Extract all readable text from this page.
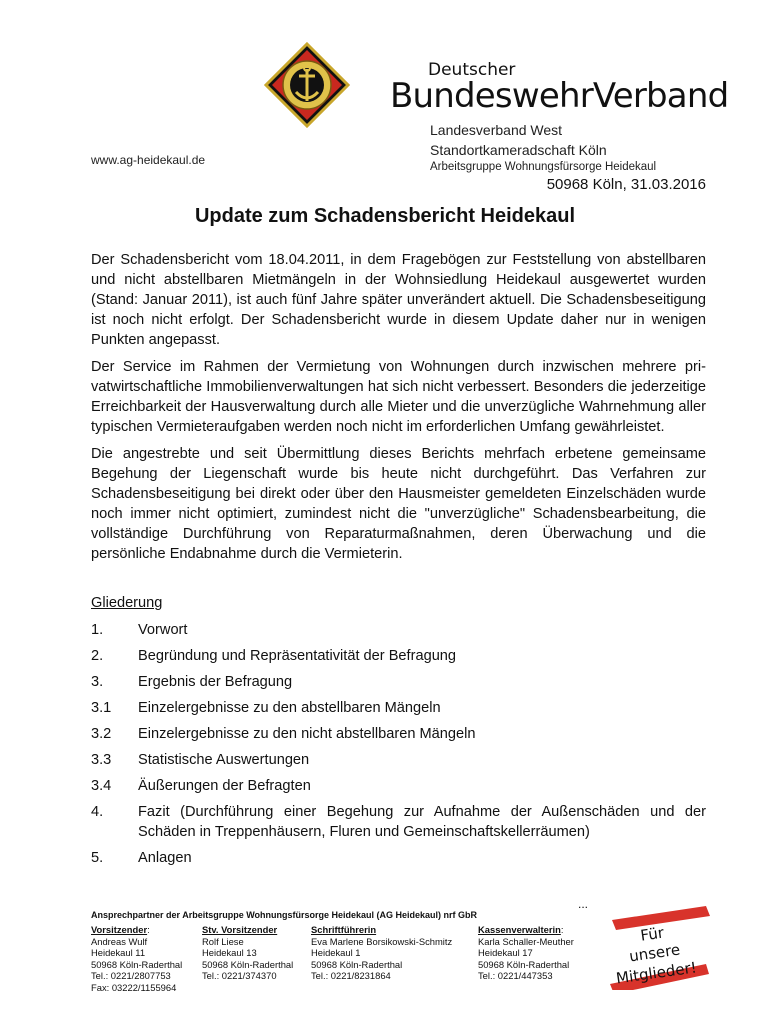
Deutscher
BundeswehrVerband
Landesverband West
Standortkameradschaft Köln
Arbeitsgruppe Wohnungsfürsorge Heidekaul
www.ag-heidekaul.de
50968 Köln, 31.03.2016
Update zum Schadensbericht Heidekaul

Der Schadensbericht vom 18.04.2011, in dem Fragebögen zur Feststellung von abstellbaren und nicht abstellbaren Mietmängeln in der Wohnsiedlung Heidekaul ausgewertet wurden (Stand: Januar 2011), ist auch fünf Jahre später unverändert aktuell. Die Schadensbeseitigung ist noch nicht erfolgt. Der Schadensbericht wurde in diesem Update daher nur in wenigen Punkten angepasst.

Der Service im Rahmen der Vermietung von Wohnungen durch inzwischen mehrere privatwirtschaftliche Immobilienverwaltungen hat sich nicht verbessert. Besonders die jederzeitige Erreichbarkeit der Hausverwaltung durch alle Mieter und die unverzügliche Wahrnehmung aller typischen Vermieteraufgaben werden noch nicht im erforderlichen Umfang gewährleistet.

Die angestrebte und seit Übermittlung dieses Berichts mehrfach erbetene gemeinsame Begehung der Liegenschaft wurde bis heute nicht durchgeführt. Das Verfahren zur Schadensbeseitigung bei direkt oder über den Hausmeister gemeldeten Einzelschäden wurde noch immer nicht optimiert, zumindest nicht die "unverzügliche" Schadensbearbeitung, die vollständige Durchführung von Reparaturmaßnahmen, deren Überwachung und die persönliche Endabnahme durch die Vermieterin.

Gliederung
1.	Vorwort
2.	Begründung und Repräsentativität der Befragung
3.	Ergebnis der Befragung
3.1	Einzelergebnisse zu den abstellbaren Mängeln
3.2	Einzelergebnisse zu den nicht abstellbaren Mängeln
3.3	Statistische Auswertungen
3.4	Äußerungen der Befragten
4.	Fazit (Durchführung einer Begehung zur Aufnahme der Außenschäden und der Schäden in Treppenhäusern, Fluren und Gemeinschaftskellerräumen)
5.	Anlagen
...
Ansprechpartner der Arbeitsgruppe Wohnungsfürsorge Heidekaul (AG Heidekaul) nrf GbR
Vorsitzender:
Andreas Wulf
Heidekaul 11
50968 Köln-Raderthal
Tel.: 0221/2807753
Fax: 03222/1155964
Stv. Vorsitzender
Rolf Liese
Heidekaul 13
50968 Köln-Raderthal
Tel.: 0221/374370
Schriftführerin
Eva Marlene Borsikowski-Schmitz
Heidekaul 1
50968 Köln-Raderthal
Tel.: 0221/8231864
Kassenverwalterin:
Karla Schaller-Meuther
Heidekaul 17
50968 Köln-Raderthal
Tel.: 0221/447353
Für
unsere
Mitglieder!
